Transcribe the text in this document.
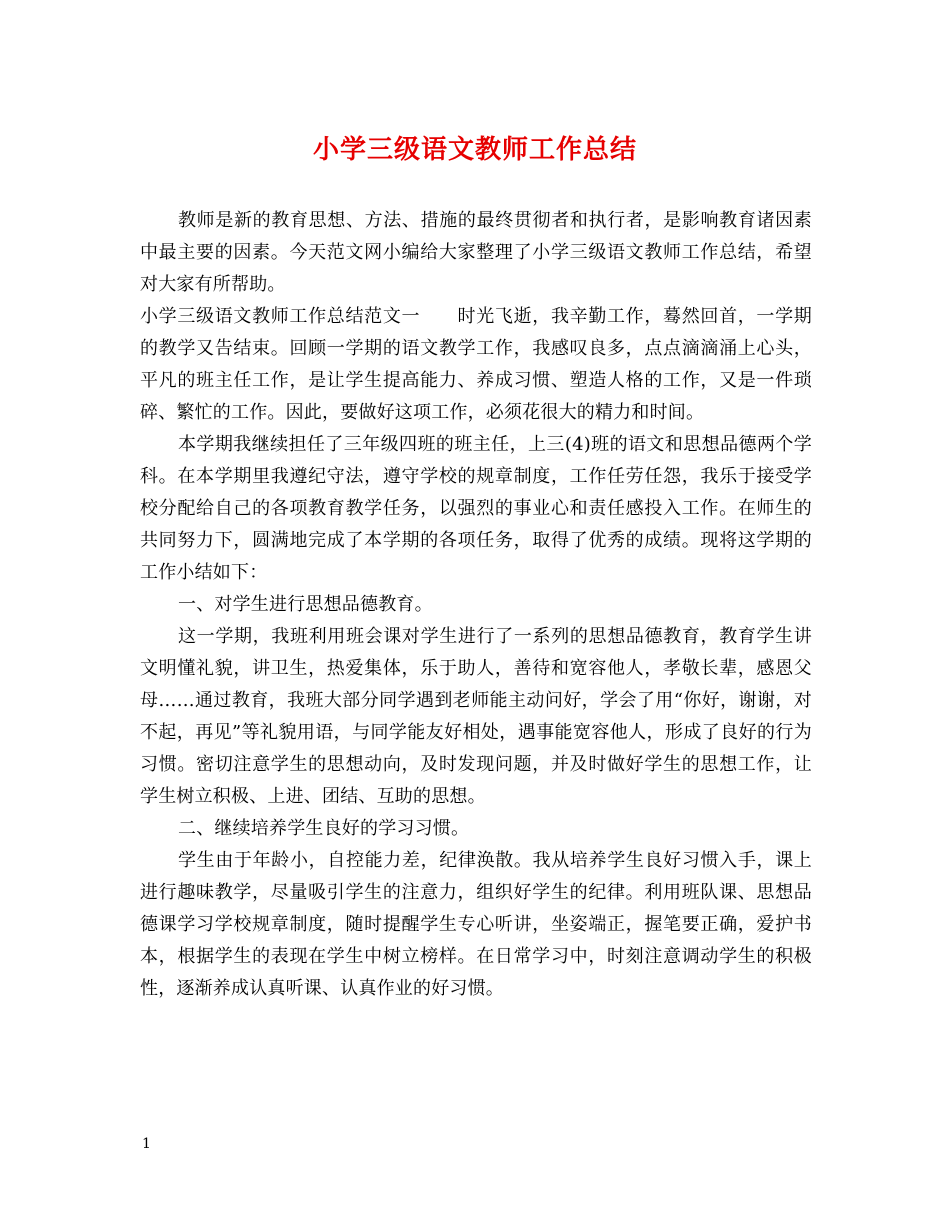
小学三级语文教师工作总结

教师是新的教育思想、方法、措施的最终贯彻者和执行者，是影响教育诸因素中最主要的因素。今天范文网小编给大家整理了小学三级语文教师工作总结，希望对大家有所帮助。

小学三级语文教师工作总结范文一　　时光飞逝，我辛勤工作，蓦然回首，一学期的教学又告结束。回顾一学期的语文教学工作，我感叹良多，点点滴滴涌上心头，平凡的班主任工作，是让学生提高能力、养成习惯、塑造人格的工作，又是一件琐碎、繁忙的工作。因此，要做好这项工作，必须花很大的精力和时间。

本学期我继续担任了三年级四班的班主任，上三(4)班的语文和思想品德两个学科。在本学期里我遵纪守法，遵守学校的规章制度，工作任劳任怨，我乐于接受学校分配给自己的各项教育教学任务，以强烈的事业心和责任感投入工作。在师生的共同努力下，圆满地完成了本学期的各项任务，取得了优秀的成绩。现将这学期的工作小结如下：

一、对学生进行思想品德教育。

这一学期，我班利用班会课对学生进行了一系列的思想品德教育，教育学生讲文明懂礼貌，讲卫生，热爱集体，乐于助人，善待和宽容他人，孝敬长辈，感恩父母……通过教育，我班大部分同学遇到老师能主动问好，学会了用“你好，谢谢，对不起，再见”等礼貌用语，与同学能友好相处，遇事能宽容他人，形成了良好的行为习惯。密切注意学生的思想动向，及时发现问题，并及时做好学生的思想工作，让学生树立积极、上进、团结、互助的思想。

二、继续培养学生良好的学习习惯。

学生由于年龄小，自控能力差，纪律涣散。我从培养学生良好习惯入手，课上进行趣味教学，尽量吸引学生的注意力，组织好学生的纪律。利用班队课、思想品德课学习学校规章制度，随时提醒学生专心听讲，坐姿端正，握笔要正确，爱护书本，根据学生的表现在学生中树立榜样。在日常学习中，时刻注意调动学生的积极性，逐渐养成认真听课、认真作业的好习惯。

1
